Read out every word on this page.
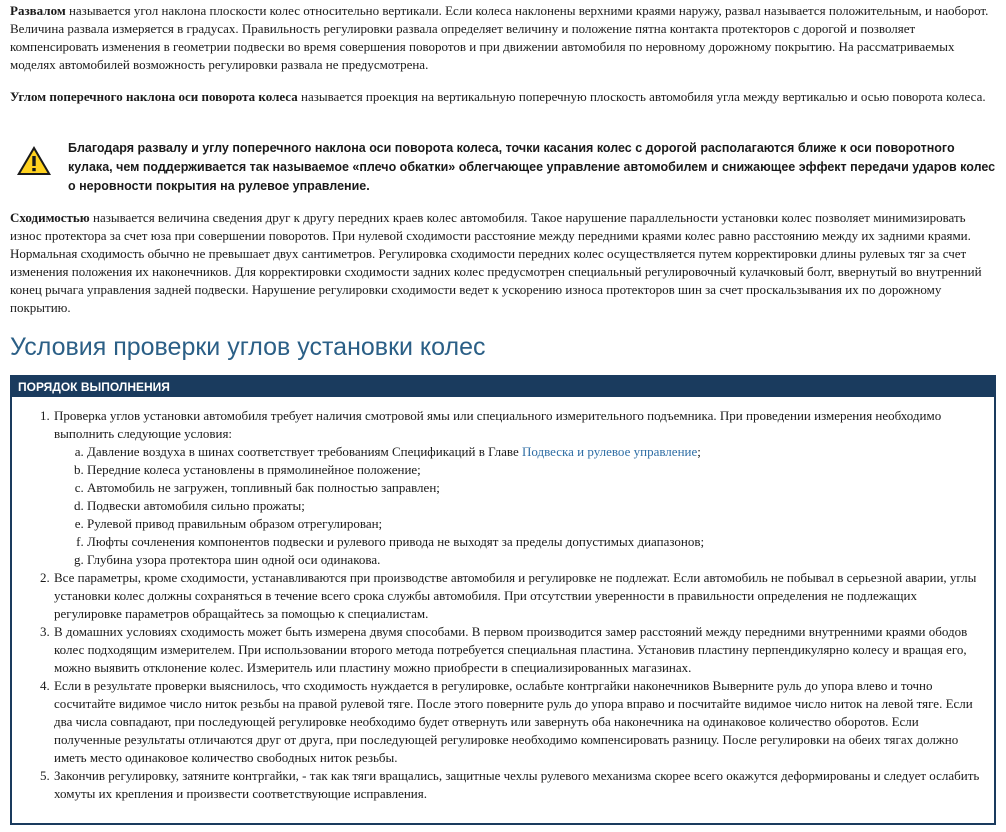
Развалом называется угол наклона плоскости колес относительно вертикали. Если колеса наклонены верхними краями наружу, развал называется положительным, и наоборот. Величина развала измеряется в градусах. Правильность регулировки развала определяет величину и положение пятна контакта протекторов с дорогой и позволяет компенсировать изменения в геометрии подвески во время совершения поворотов и при движении автомобиля по неровному дорожному покрытию. На рассматриваемых моделях автомобилей возможность регулировки развала не предусмотрена.

Углом поперечного наклона оси поворота колеса называется проекция на вертикальную поперечную плоскость автомобиля угла между вертикалью и осью поворота колеса.

Благодаря развалу и углу поперечного наклона оси поворота колеса, точки касания колес с дорогой располагаются ближе к оси поворотного кулака, чем поддерживается так называемое «плечо обкатки» облегчающее управление автомобилем и снижающее эффект передачи ударов колес о неровности покрытия на рулевое управление.

Сходимостью называется величина сведения друг к другу передних краев колес автомобиля. Такое нарушение параллельности установки колес позволяет минимизировать износ протектора за счет юза при совершении поворотов. При нулевой сходимости расстояние между передними краями колес равно расстоянию между их задними краями. Нормальная сходимость обычно не превышает двух сантиметров. Регулировка сходимости передних колес осуществляется путем корректировки длины рулевых тяг за счет изменения положения их наконечников. Для корректировки сходимости задних колес предусмотрен специальный регулировочный кулачковый болт, ввернутый во внутренний конец рычага управления задней подвески. Нарушение регулировки сходимости ведет к ускорению износа протекторов шин за счет проскальзывания их по дорожному покрытию.

Условия проверки углов установки колес
ПОРЯДОК ВЫПОЛНЕНИЯ
1. Проверка углов установки автомобиля требует наличия смотровой ямы или специального измерительного подъемника. При проведении измерения необходимо выполнить следующие условия:
a. Давление воздуха в шинах соответствует требованиям Спецификаций в Главе Подвеска и рулевое управление;
b. Передние колеса установлены в прямолинейное положение;
c. Автомобиль не загружен, топливный бак полностью заправлен;
d. Подвески автомобиля сильно прожаты;
e. Рулевой привод правильным образом отрегулирован;
f. Люфты сочленения компонентов подвески и рулевого привода не выходят за пределы допустимых диапазонов;
g. Глубина узора протектора шин одной оси одинакова.
2. Все параметры, кроме сходимости, устанавливаются при производстве автомобиля и регулировке не подлежат. Если автомобиль не побывал в серьезной аварии, углы установки колес должны сохраняться в течение всего срока службы автомобиля. При отсутствии уверенности в правильности определения не подлежащих регулировке параметров обращайтесь за помощью к специалистам.
3. В домашних условиях сходимость может быть измерена двумя способами. В первом производится замер расстояний между передними внутренними краями ободов колес подходящим измерителем. При использовании второго метода потребуется специальная пластина. Установив пластину перпендикулярно колесу и вращая его, можно выявить отклонение колес. Измеритель или пластину можно приобрести в специализированных магазинах.
4. Если в результате проверки выяснилось, что сходимость нуждается в регулировке, ослабьте контргайки наконечников Выверните руль до упора влево и точно сосчитайте видимое число ниток резьбы на правой рулевой тяге. После этого поверните руль до упора вправо и посчитайте видимое число ниток на левой тяге. Если два числа совпадают, при последующей регулировке необходимо будет отвернуть или завернуть оба наконечника на одинаковое количество оборотов. Если полученные результаты отличаются друг от друга, при последующей регулировке необходимо компенсировать разницу. После регулировки на обеих тягах должно иметь место одинаковое количество свободных ниток резьбы.
5. Закончив регулировку, затяните контргайки, - так как тяги вращались, защитные чехлы рулевого механизма скорее всего окажутся деформированы и следует ослабить хомуты их крепления и произвести соответствующие исправления.
